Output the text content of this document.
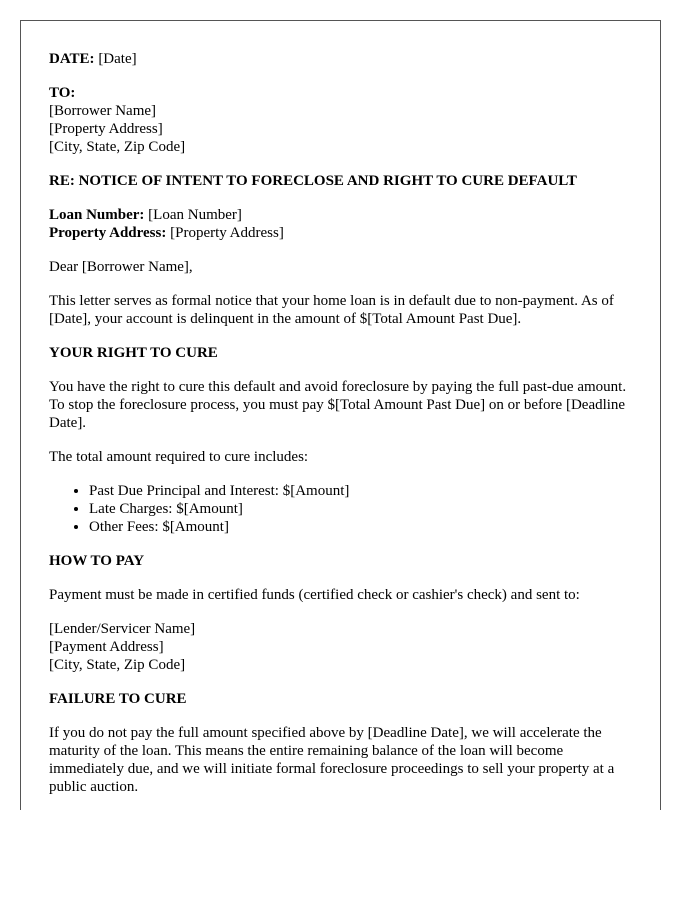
DATE: [Date]

TO:
[Borrower Name]
[Property Address]
[City, State, Zip Code]
RE: NOTICE OF INTENT TO FORECLOSE AND RIGHT TO CURE DEFAULT
Loan Number: [Loan Number]
Property Address: [Property Address]

Dear [Borrower Name],

This letter serves as formal notice that your home loan is in default due to non-payment. As of [Date], your account is delinquent in the amount of $[Total Amount Past Due].

YOUR RIGHT TO CURE

You have the right to cure this default and avoid foreclosure by paying the full past-due amount. To stop the foreclosure process, you must pay $[Total Amount Past Due] on or before [Deadline Date].

The total amount required to cure includes:

• Past Due Principal and Interest: $[Amount]
• Late Charges: $[Amount]
• Other Fees: $[Amount]
HOW TO PAY

Payment must be made in certified funds (certified check or cashier's check) and sent to:

[Lender/Servicer Name]
[Payment Address]
[City, State, Zip Code]
FAILURE TO CURE

If you do not pay the full amount specified above by [Deadline Date], we will accelerate the maturity of the loan. This means the entire remaining balance of the loan will become immediately due, and we will initiate formal foreclosure proceedings to sell your property at a public auction.
